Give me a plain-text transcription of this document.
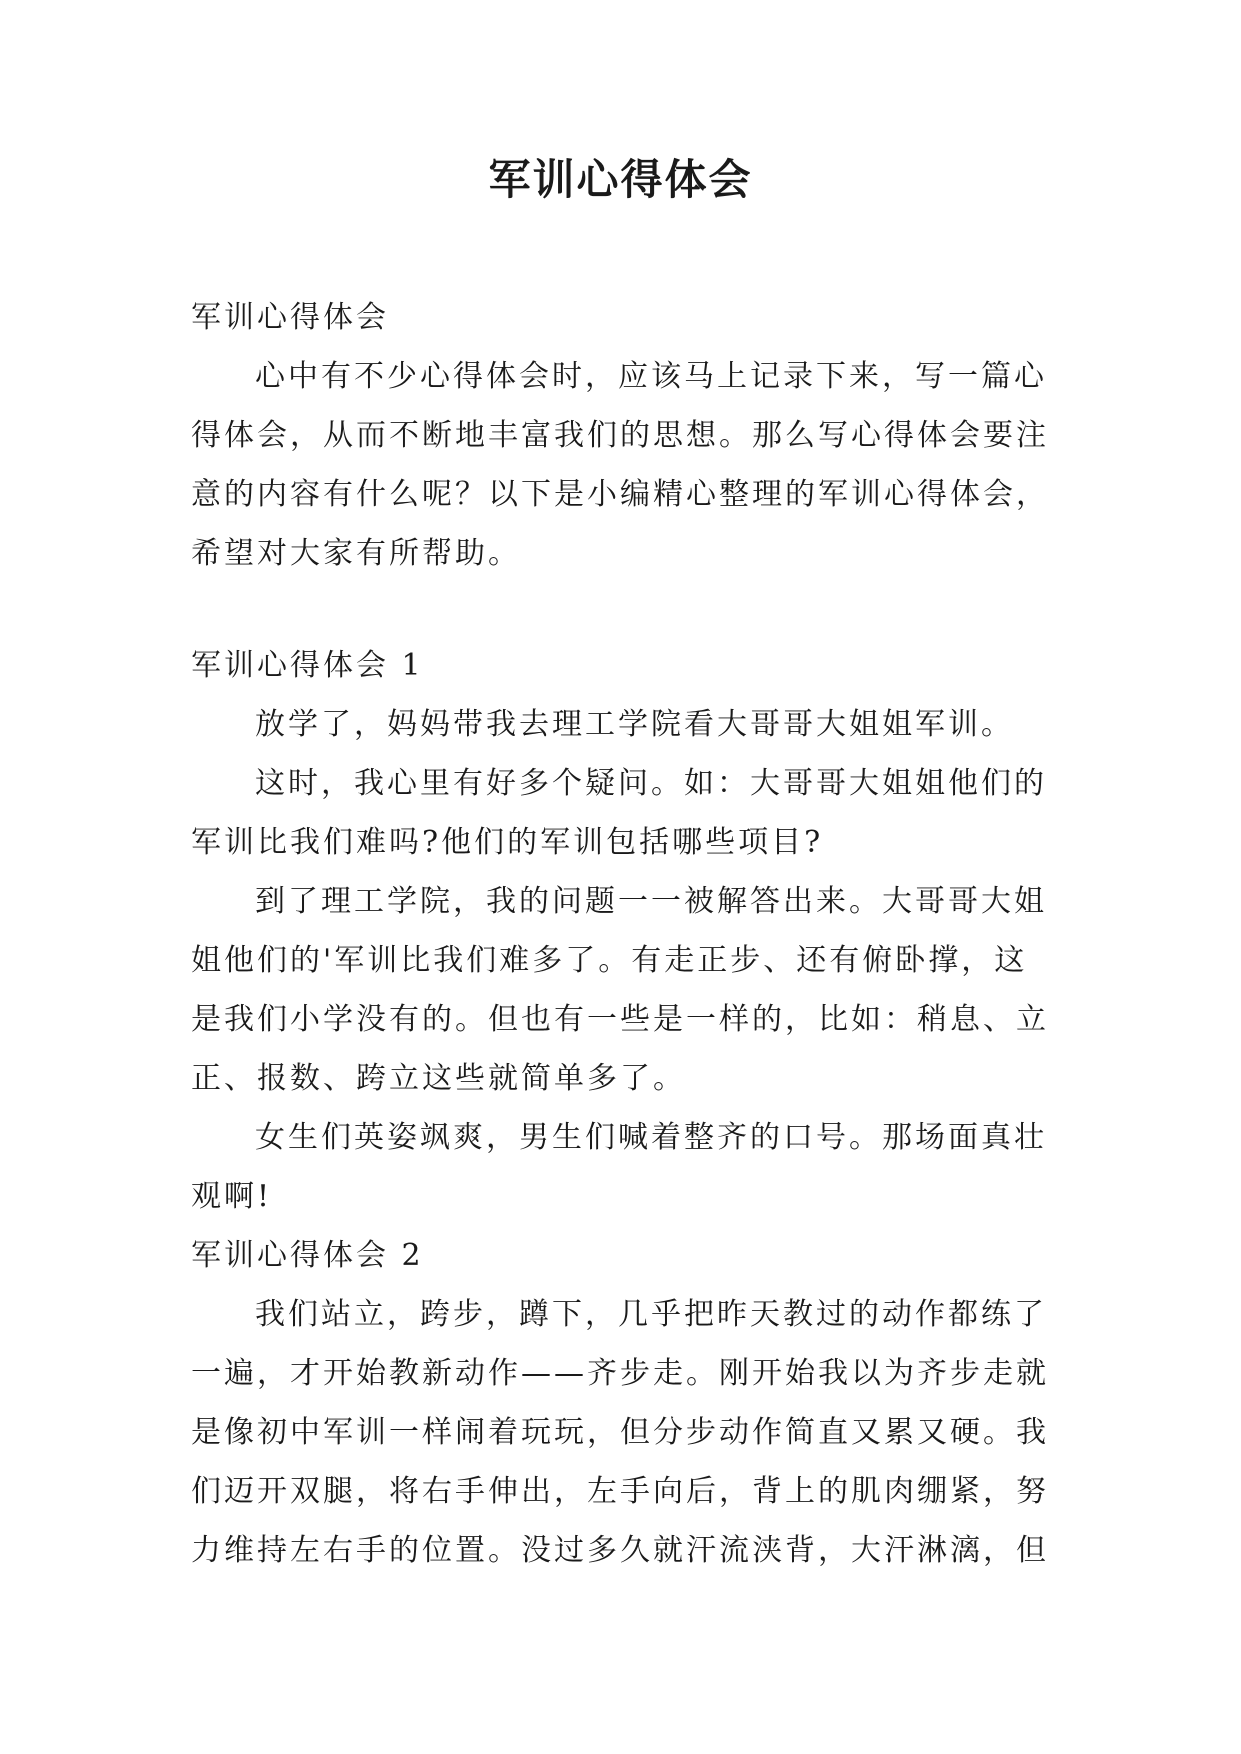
军训心得体会

军训心得体会

心中有不少心得体会时，应该马上记录下来，写一篇心

得体会，从而不断地丰富我们的思想。那么写心得体会要注

意的内容有什么呢？以下是小编精心整理的军训心得体会，

希望对大家有所帮助。

军训心得体会 1

放学了，妈妈带我去理工学院看大哥哥大姐姐军训。

这时，我心里有好多个疑问。如：大哥哥大姐姐他们的

军训比我们难吗?他们的军训包括哪些项目?

到了理工学院，我的问题一一被解答出来。大哥哥大姐

姐他们的'军训比我们难多了。有走正步、还有俯卧撑，这

是我们小学没有的。但也有一些是一样的，比如：稍息、立

正、报数、跨立这些就简单多了。

女生们英姿飒爽，男生们喊着整齐的口号。那场面真壮

观啊!

军训心得体会 2

我们站立，跨步，蹲下，几乎把昨天教过的动作都练了

一遍，才开始教新动作——齐步走。刚开始我以为齐步走就

是像初中军训一样闹着玩玩，但分步动作简直又累又硬。我

们迈开双腿，将右手伸出，左手向后，背上的肌肉绷紧，努

力维持左右手的位置。没过多久就汗流浃背，大汗淋漓，但
